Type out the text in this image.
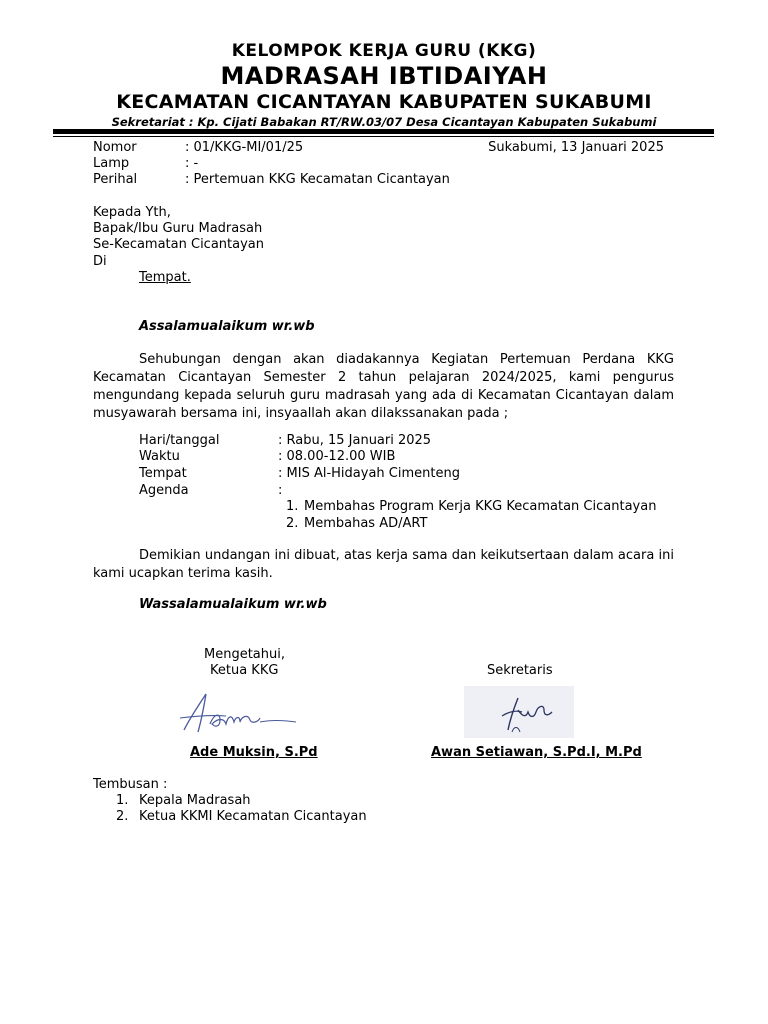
KELOMPOK KERJA GURU (KKG)
MADRASAH IBTIDAIYAH
KECAMATAN CICANTAYAN KABUPATEN SUKABUMI
Sekretariat : Kp. Cijati Babakan RT/RW.03/07 Desa Cicantayan Kabupaten Sukabumi
Nomor	: 01/KKG-MI/01/25	Sukabumi, 13 Januari 2025
Lamp	: -
Perihal	: Pertemuan KKG Kecamatan Cicantayan
Kepada Yth,
Bapak/Ibu Guru Madrasah
Se-Kecamatan Cicantayan
Di
Tempat.
Assalamualaikum wr.wb
Sehubungan dengan akan diadakannya Kegiatan Pertemuan Perdana KKG Kecamatan Cicantayan Semester 2 tahun pelajaran 2024/2025, kami pengurus mengundang kepada seluruh guru madrasah yang ada di Kecamatan Cicantayan dalam musyawarah bersama ini, insyaallah akan dilakssanakan pada ;
Hari/tanggal	: Rabu, 15 Januari 2025
Waktu	: 08.00-12.00 WIB
Tempat	: MIS Al-Hidayah Cimenteng
Agenda	:
1. Membahas Program Kerja KKG Kecamatan Cicantayan
2. Membahas AD/ART
Demikian undangan ini dibuat, atas kerja sama dan keikutsertaan dalam acara ini kami ucapkan terima kasih.
Wassalamualaikum wr.wb
Mengetahui,
Ketua KKG	Sekretaris
Ade Muksin, S.Pd	Awan Setiawan, S.Pd.I, M.Pd
Tembusan :
1. Kepala Madrasah
2. Ketua KKMI Kecamatan Cicantayan
